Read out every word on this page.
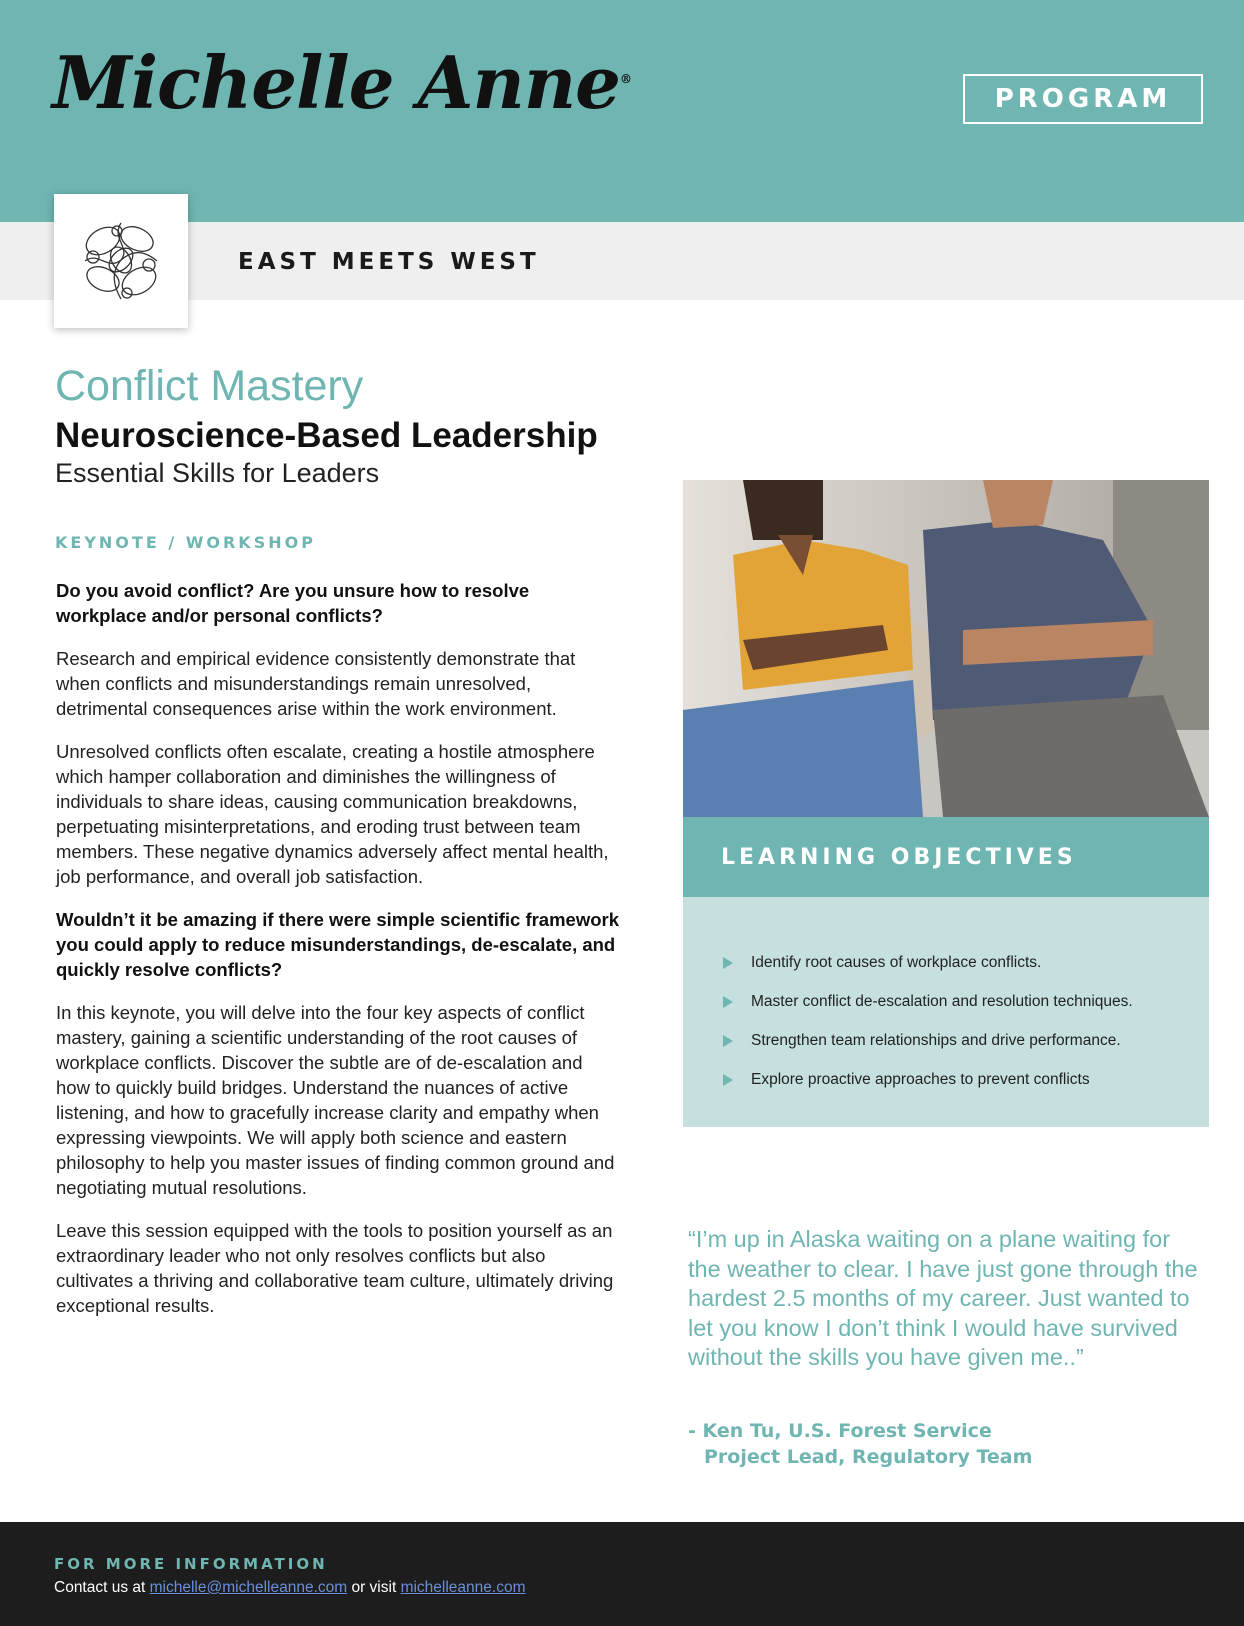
Michelle Anne®
PROGRAM
EAST MEETS WEST
Conflict Mastery
Neuroscience-Based Leadership
Essential Skills for Leaders
KEYNOTE / WORKSHOP

Do you avoid conflict? Are you unsure how to resolve workplace and/or personal conflicts?

Research and empirical evidence consistently demonstrate that when conflicts and misunderstandings remain unresolved, detrimental consequences arise within the work environment.

Unresolved conflicts often escalate, creating a hostile atmosphere which hamper collaboration and diminishes the willingness of individuals to share ideas, causing communication breakdowns, perpetuating misinterpretations, and eroding trust between team members. These negative dynamics adversely affect mental health, job performance, and overall job satisfaction.

Wouldn’t it be amazing if there were simple scientific framework you could apply to reduce misunderstandings, de-escalate, and quickly resolve conflicts?

In this keynote, you will delve into the four key aspects of conflict mastery, gaining a scientific understanding of the root causes of workplace conflicts. Discover the subtle are of de-escalation and how to quickly build bridges. Understand the nuances of active listening, and how to gracefully increase clarity and empathy when expressing viewpoints. We will apply both science and eastern philosophy to help you master issues of finding common ground and negotiating mutual resolutions.

Leave this session equipped with the tools to position yourself as an extraordinary leader who not only resolves conflicts but also cultivates a thriving and collaborative team culture, ultimately driving exceptional results.

LEARNING OBJECTIVES
Identify root causes of workplace conflicts.
Master conflict de-escalation and resolution techniques.
Strengthen team relationships and drive performance.
Explore proactive approaches to prevent conflicts
“I’m up in Alaska waiting on a plane waiting for the weather to clear. I have just gone through the hardest 2.5 months of my career. Just wanted to let you know I don’t think I would have survived without the skills you have given me..”
- Ken Tu, U.S. Forest Service
Project Lead, Regulatory Team
FOR MORE INFORMATION
Contact us at michelle@michelleanne.com or visit michelleanne.com
